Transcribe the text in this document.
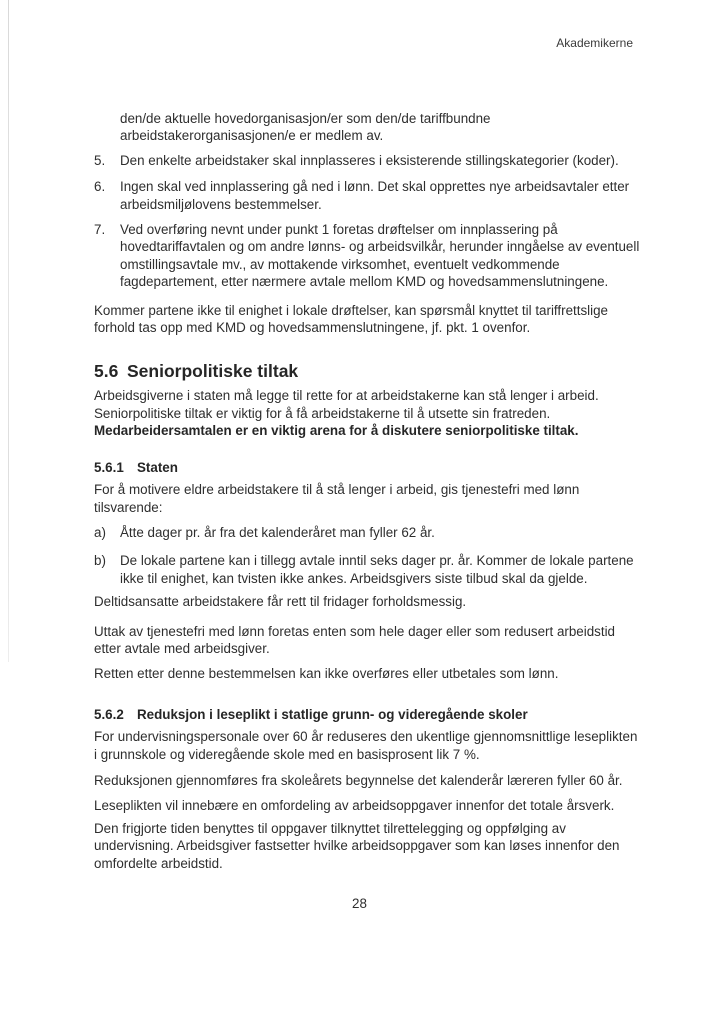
Akademikerne

den/de aktuelle hovedorganisasjon/er som den/de tariffbundne arbeidstakerorganisasjonen/e er medlem av.

5.	Den enkelte arbeidstaker skal innplasseres i eksisterende stillingskategorier (koder).
6.	Ingen skal ved innplassering gå ned i lønn. Det skal opprettes nye arbeidsavtaler etter arbeidsmiljølovens bestemmelser.
7.	Ved overføring nevnt under punkt 1 foretas drøftelser om innplassering på hovedtariffavtalen og om andre lønns- og arbeidsvilkår, herunder inngåelse av eventuell omstillingsavtale mv., av mottakende virksomhet, eventuelt vedkommende fagdepartement, etter nærmere avtale mellom KMD og hovedsammenslutningene.

Kommer partene ikke til enighet i lokale drøftelser, kan spørsmål knyttet til tariffrettslige forhold tas opp med KMD og hovedsammenslutningene, jf. pkt. 1 ovenfor.

5.6 Seniorpolitiske tiltak

Arbeidsgiverne i staten må legge til rette for at arbeidstakerne kan stå lenger i arbeid. Seniorpolitiske tiltak er viktig for å få arbeidstakerne til å utsette sin fratreden. Medarbeidersamtalen er en viktig arena for å diskutere seniorpolitiske tiltak.

5.6.1 Staten

For å motivere eldre arbeidstakere til å stå lenger i arbeid, gis tjenestefri med lønn tilsvarende:

a)	Åtte dager pr. år fra det kalenderåret man fyller 62 år.
b)	De lokale partene kan i tillegg avtale inntil seks dager pr. år. Kommer de lokale partene ikke til enighet, kan tvisten ikke ankes. Arbeidsgivers siste tilbud skal da gjelde.

Deltidsansatte arbeidstakere får rett til fridager forholdsmessig.

Uttak av tjenestefri med lønn foretas enten som hele dager eller som redusert arbeidstid etter avtale med arbeidsgiver.

Retten etter denne bestemmelsen kan ikke overføres eller utbetales som lønn.

5.6.2 Reduksjon i leseplikt i statlige grunn- og videregående skoler

For undervisningspersonale over 60 år reduseres den ukentlige gjennomsnittlige leseplikten i grunnskole og videregående skole med en basisprosent lik 7 %.

Reduksjonen gjennomføres fra skoleårets begynnelse det kalenderår læreren fyller 60 år.

Leseplikten vil innebære en omfordeling av arbeidsoppgaver innenfor det totale årsverk.

Den frigjorte tiden benyttes til oppgaver tilknyttet tilrettelegging og oppfølging av undervisning. Arbeidsgiver fastsetter hvilke arbeidsoppgaver som kan løses innenfor den omfordelte arbeidstid.

28
